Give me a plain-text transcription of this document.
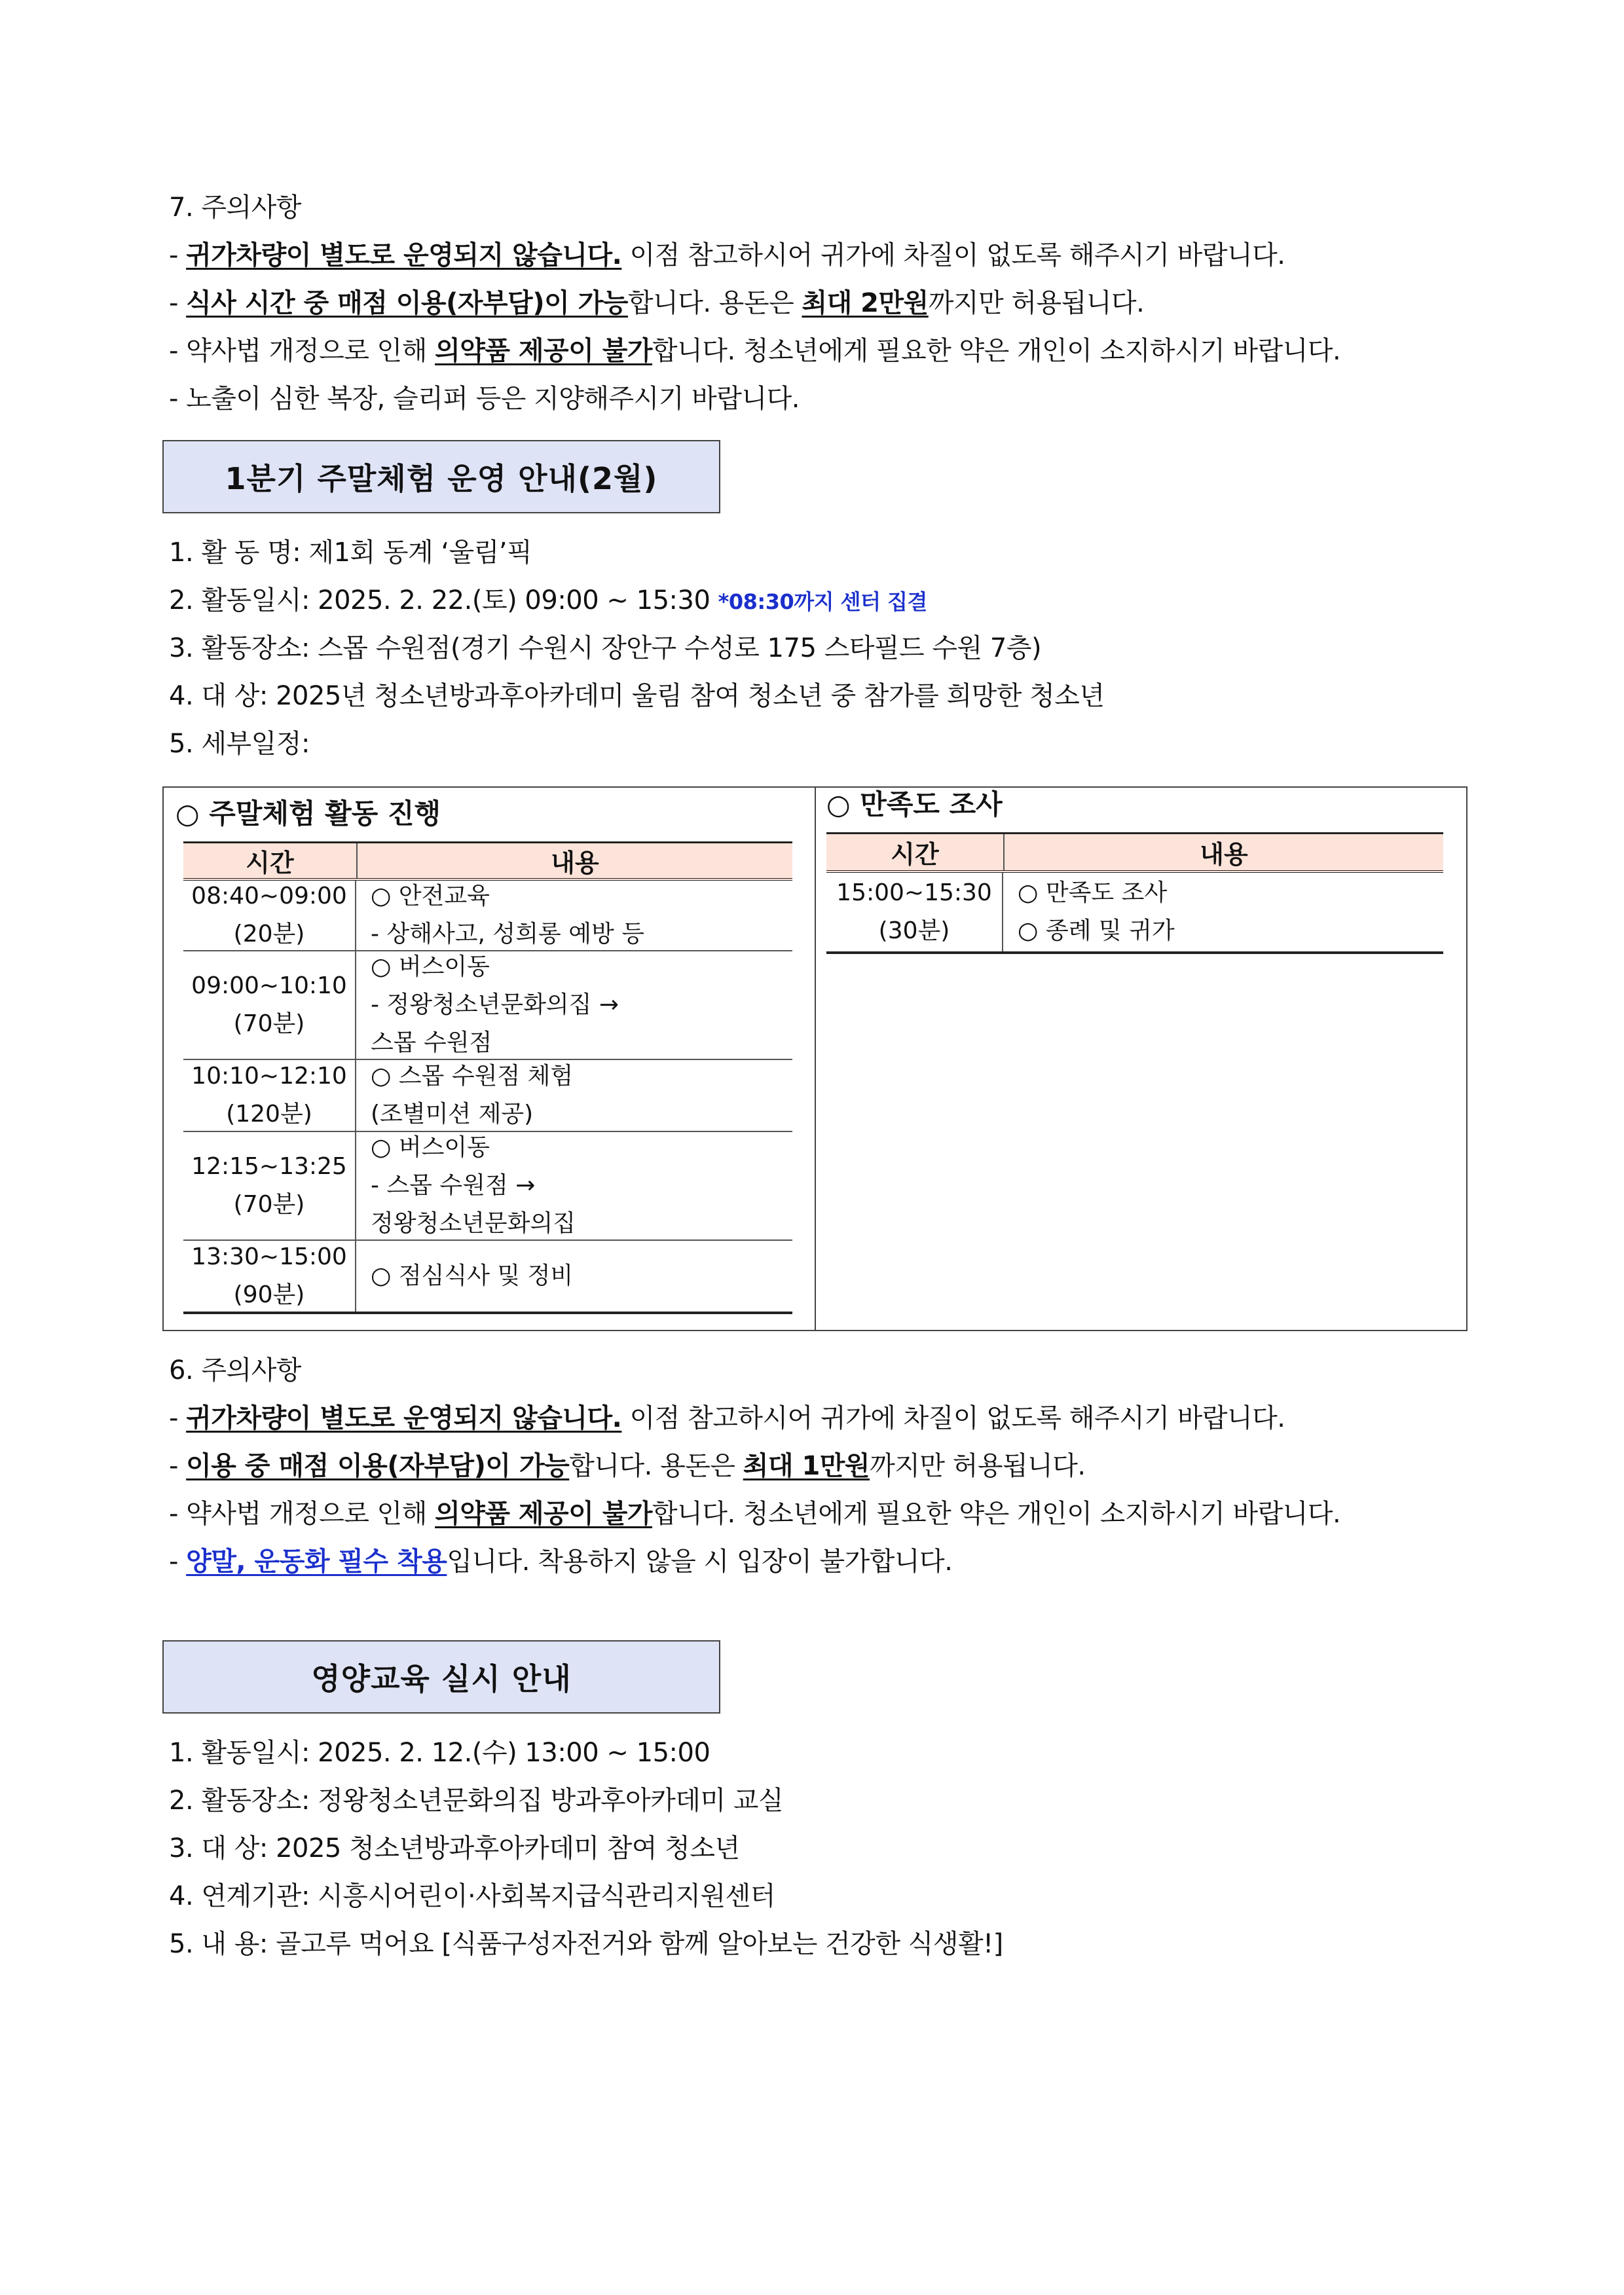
7. 주의사항
- 귀가차량이 별도로 운영되지 않습니다. 이점 참고하시어 귀가에 차질이 없도록 해주시기 바랍니다.
- 식사 시간 중 매점 이용(자부담)이 가능합니다. 용돈은 최대 2만원까지만 허용됩니다.
- 약사법 개정으로 인해 의약품 제공이 불가합니다. 청소년에게 필요한 약은 개인이 소지하시기 바랍니다.
- 노출이 심한 복장, 슬리퍼 등은 지양해주시기 바랍니다.
1분기 주말체험 운영 안내(2월)
1. 활 동 명: 제1회 동계 ‘울림’픽
2. 활동일시: 2025. 2. 22.(토) 09:00 ~ 15:30 *08:30까지 센터 집결
3. 활동장소: 스몹 수원점(경기 수원시 장안구 수성로 175 스타필드 수원 7층)
4. 대 상: 2025년 청소년방과후아카데미 울림 참여 청소년 중 참가를 희망한 청소년
5. 세부일정:
○ 주말체험 활동 진행
시간	내용
08:40~09:00
(20분)
○ 안전교육
- 상해사고, 성희롱 예방 등
09:00~10:10
(70분)
○ 버스이동
- 정왕청소년문화의집 →
스몹 수원점
10:10~12:10
(120분)
○ 스몹 수원점 체험
(조별미션 제공)
12:15~13:25
(70분)
○ 버스이동
- 스몹 수원점 →
정왕청소년문화의집
13:30~15:00
(90분)
○ 점심식사 및 정비
○ 만족도 조사
시간	내용
15:00~15:30
(30분)
○ 만족도 조사
○ 종례 및 귀가
6. 주의사항
- 귀가차량이 별도로 운영되지 않습니다. 이점 참고하시어 귀가에 차질이 없도록 해주시기 바랍니다.
- 이용 중 매점 이용(자부담)이 가능합니다. 용돈은 최대 1만원까지만 허용됩니다.
- 약사법 개정으로 인해 의약품 제공이 불가합니다. 청소년에게 필요한 약은 개인이 소지하시기 바랍니다.
- 양말, 운동화 필수 착용입니다. 착용하지 않을 시 입장이 불가합니다.
영양교육 실시 안내
1. 활동일시: 2025. 2. 12.(수) 13:00 ~ 15:00
2. 활동장소: 정왕청소년문화의집 방과후아카데미 교실
3. 대 상: 2025 청소년방과후아카데미 참여 청소년
4. 연계기관: 시흥시어린이·사회복지급식관리지원센터
5. 내 용: 골고루 먹어요 [식품구성자전거와 함께 알아보는 건강한 식생활!]
